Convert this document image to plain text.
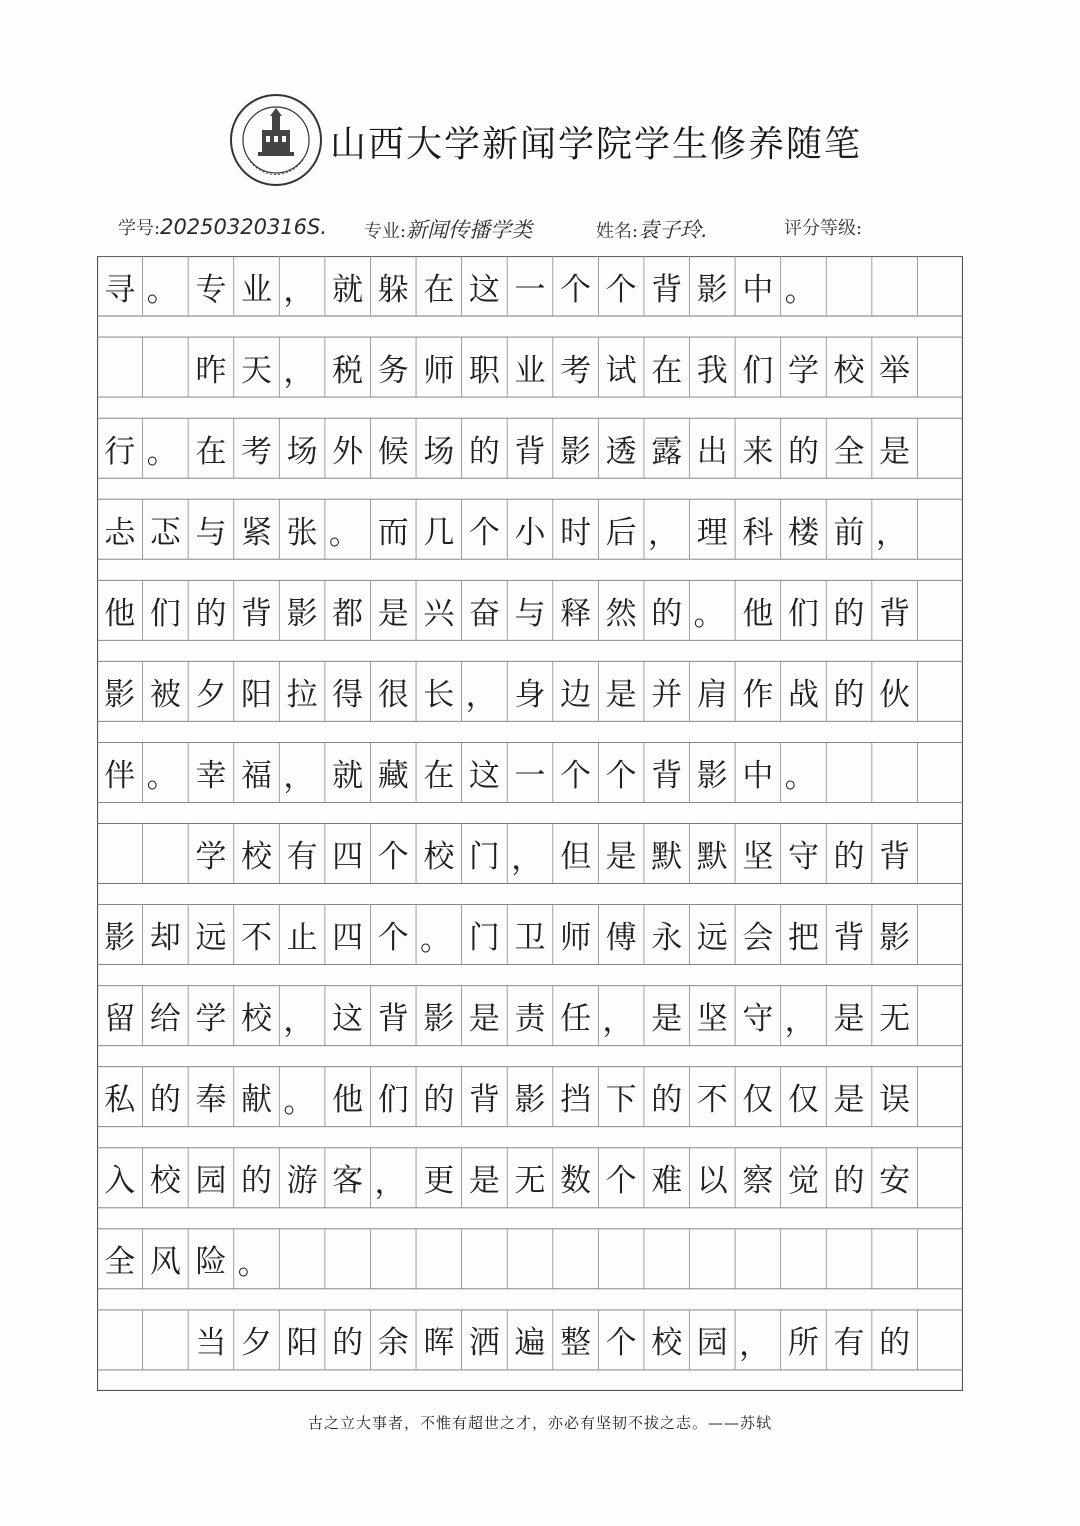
山西大学新闻学院学生修养随笔
学号:20250320316S. 专业:新闻传播学类	姓名:袁子玲.	评分等级:
寻 。 专 业 ， 就 躲 在 这 一 个 个 背 影 中 。
昨 天 ， 税 务 师 职 业 考 试 在 我 们 学 校 举
行 。 在 考 场 外 候 场 的 背 影 透 露 出 来 的 全 是
忐 忑 与 紧 张 。 而 几 个 小 时 后 ， 理 科 楼 前 ，
他 们 的 背 影 都 是 兴 奋 与 释 然 的 。 他 们 的 背
影 被 夕 阳 拉 得 很 长 ， 身 边 是 并 肩 作 战 的 伙
伴 。 幸 福 ， 就 藏 在 这 一 个 个 背 影 中 。
学 校 有 四 个 校 门 ， 但 是 默 默 坚 守 的 背
影 却 远 不 止 四 个 。 门 卫 师 傅 永 远 会 把 背 影
留 给 学 校 ， 这 背 影 是 责 任 ， 是 坚 守 ， 是 无
私 的 奉 献 。 他 们 的 背 影 挡 下 的 不 仅 仅 是 误
入 校 园 的 游 客 ， 更 是 无 数 个 难 以 察 觉 的 安
全 风 险 。
当 夕 阳 的 余 晖 洒 遍 整 个 校 园 ， 所 有 的
古之立大事者，不惟有超世之才，亦必有坚韧不拔之志。——苏轼
